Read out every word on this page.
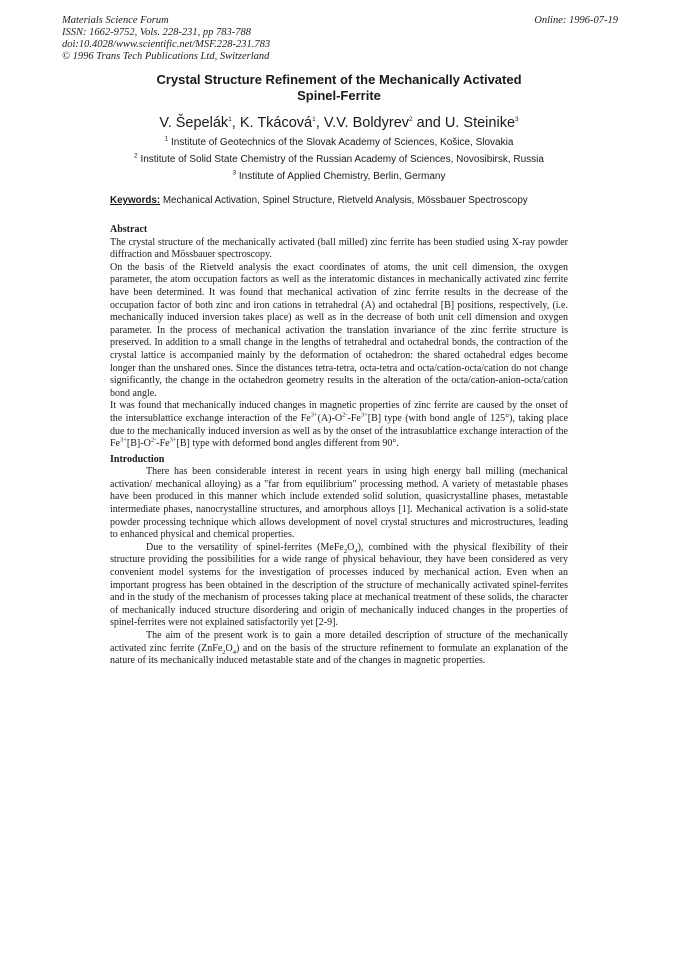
Materials Science Forum
ISSN: 1662-9752, Vols. 228-231, pp 783-788
doi:10.4028/www.scientific.net/MSF.228-231.783
© 1996 Trans Tech Publications Ltd, Switzerland
Online: 1996-07-19
Crystal Structure Refinement of the Mechanically Activated
Spinel-Ferrite
V. Šepelák$^1$, K. Tkácová$^1$, V.V. Boldyrev$^2$ and U. Steinike$^3$
$^1$ Institute of Geotechnics of the Slovak Academy of Sciences, Košice, Slovakia
$^2$ Institute of Solid State Chemistry of the Russian Academy of Sciences, Novosibirsk, Russia
$^3$ Institute of Applied Chemistry, Berlin, Germany
Keywords: Mechanical Activation, Spinel Structure, Rietveld Analysis, Mössbauer Spectroscopy
Abstract

The crystal structure of the mechanically activated (ball milled) zinc ferrite has been studied using X-ray powder diffraction and Mössbauer spectroscopy.

On the basis of the Rietveld analysis the exact coordinates of atoms, the unit cell dimension, the oxygen parameter, the atom occupation factors as well as the interatomic distances in mechanically activated zinc ferrite have been determined. It was found that mechanical activation of zinc ferrite results in the decrease of the occupation factor of both zinc and iron cations in tetrahedral (A) and octahedral [B] positions, respectively, (i.e. mechanically induced inversion takes place) as well as in the decrease of both unit cell dimension and oxygen parameter. In the process of mechanical activation the translation invariance of the zinc ferrite structure is preserved. In addition to a small change in the lengths of tetrahedral and octahedral bonds, the contraction of the crystal lattice is accompanied mainly by the deformation of octahedron: the shared octahedral edges become longer than the unshared ones. Since the distances tetra-tetra, octa-tetra and octa/cation-octa/cation do not change significantly, the change in the octahedron geometry results in the alteration of the octa/cation-anion-octa/cation bond angle.

It was found that mechanically induced changes in magnetic properties of zinc ferrite are caused by the onset of the intersublattice exchange interaction of the $Fe^{3+}(A)-O^{2-}-Fe^{3+}[B]$ type (with bond angle of 125°), taking place due to the mechanically induced inversion as well as by the onset of the intrasublattice exchange interaction of the $Fe^{3+}[B]-O^{2-}-Fe^{3+}[B]$ type with deformed bond angles different from 90°.

Introduction

There has been considerable interest in recent years in using high energy ball milling (mechanical activation/ mechanical alloying) as a "far from equilibrium" processing method. A variety of metastable phases have been produced in this manner which include extended solid solution, quasicrystalline phases, metastable intermediate phases, nanocrystalline structures, and amorphous alloys [1]. Mechanical activation is a solid-state powder processing technique which allows development of novel crystal structures and microstructures, leading to enhanced physical and chemical properties.

Due to the versatility of spinel-ferrites $(MeFe_2O_4)$, combined with the physical flexibility of their structure providing the possibilities for a wide range of physical behaviour, they have been considered as very convenient model systems for the investigation of processes induced by mechanical action. Even when an important progress has been obtained in the description of the structure of mechanically activated spinel-ferrites and in the study of the mechanism of processes taking place at mechanical treatment of these solids, the character of mechanically induced structure disordering and origin of mechanically induced changes in the properties of spinel-ferrites were not explained satisfactorily yet [2-9].

The aim of the present work is to gain a more detailed description of structure of the mechanically activated zinc ferrite $(ZnFe_2O_4)$ and on the basis of the structure refinement to formulate an explanation of the nature of its mechanically induced metastable state and of the changes in magnetic properties.
